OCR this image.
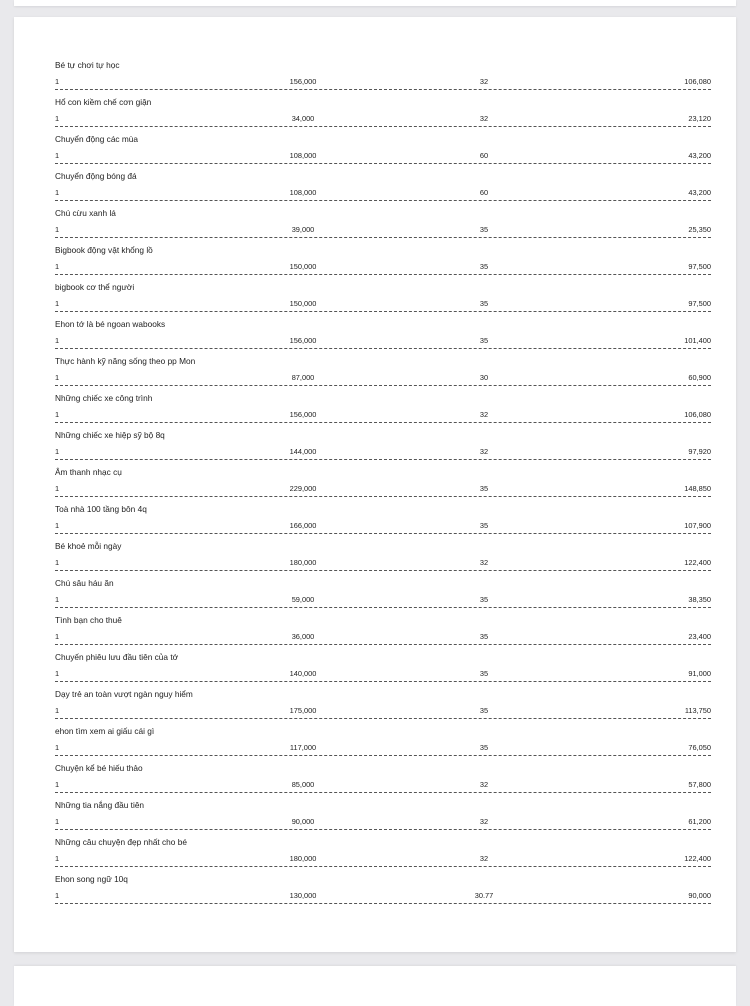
Bé tự chơi tự học
1	156,000	32	106,080
Hổ con kiềm chế cơn giận
1	34,000	32	23,120
Chuyển động các mùa
1	108,000	60	43,200
Chuyển động bóng đá
1	108,000	60	43,200
Chú cừu xanh lá
1	39,000	35	25,350
Bigbook động vật khổng lồ
1	150,000	35	97,500
bigbook cơ thể người
1	150,000	35	97,500
Ehon tớ là bé ngoan wabooks
1	156,000	35	101,400
Thực hành kỹ năng sống theo pp Mon
1	87,000	30	60,900
Những chiếc xe công trình
1	156,000	32	106,080
Những chiếc xe hiệp sỹ bộ 8q
1	144,000	32	97,920
Âm thanh nhạc cụ
1	229,000	35	148,850
Toà nhà 100 tầng bôn 4q
1	166,000	35	107,900
Bé khoẻ mỗi ngày
1	180,000	32	122,400
Chú sâu háu ăn
1	59,000	35	38,350
Tình bạn cho thuê
1	36,000	35	23,400
Chuyến phiêu lưu đầu tiên của tớ
1	140,000	35	91,000
Dạy trẻ an toàn vượt ngàn nguy hiểm
1	175,000	35	113,750
ehon tìm xem ai giấu cái gì
1	117,000	35	76,050
Chuyện kể bé hiếu thảo
1	85,000	32	57,800
Những tia nắng đầu tiên
1	90,000	32	61,200
Những câu chuyện đẹp nhất cho bé
1	180,000	32	122,400
Ehon song ngữ 10q
1	130,000	30.77	90,000
